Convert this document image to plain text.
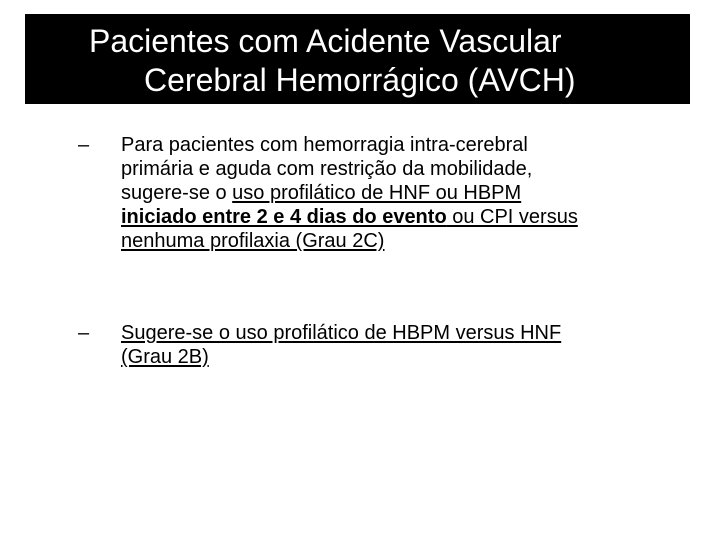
Pacientes com Acidente Vascular
Cerebral Hemorrágico (AVCH)
– Para pacientes com hemorragia intra-cerebral
primária e aguda com restrição da mobilidade,
sugere-se o uso profilático de HNF ou HBPM
iniciado entre 2 e 4 dias do evento ou CPI versus
nenhuma profilaxia (Grau 2C)
– Sugere-se o uso profilático de HBPM versus HNF
(Grau 2B)
